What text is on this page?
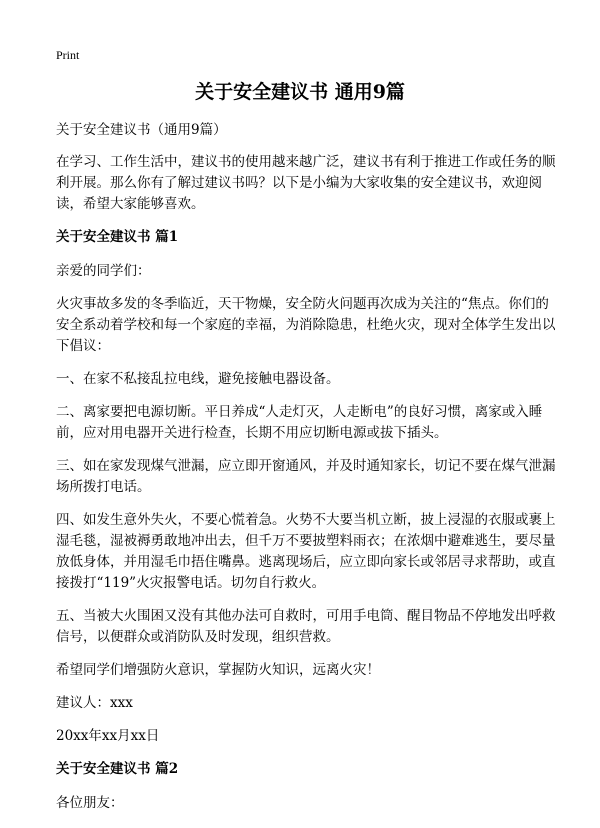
Print
关于安全建议书 通用9篇

关于安全建议书（通用9篇）

在学习、工作生活中，建议书的使用越来越广泛，建议书有利于推进工作或任务的顺利开展。那么你有了解过建议书吗？以下是小编为大家收集的安全建议书，欢迎阅读，希望大家能够喜欢。

关于安全建议书 篇1

亲爱的同学们：

火灾事故多发的冬季临近，天干物燥，安全防火问题再次成为关注的“焦点。你们的安全系动着学校和每一个家庭的幸福，为消除隐患，杜绝火灾，现对全体学生发出以下倡议：

一、在家不私接乱拉电线，避免接触电器设备。

二、离家要把电源切断。平日养成“人走灯灭，人走断电”的良好习惯，离家或入睡前，应对用电器开关进行检查，长期不用应切断电源或拔下插头。

三、如在家发现煤气泄漏，应立即开窗通风，并及时通知家长，切记不要在煤气泄漏场所拨打电话。

四、如发生意外失火，不要心慌着急。火势不大要当机立断，披上浸湿的衣服或裹上湿毛毯，湿被褥勇敢地冲出去，但千万不要披塑料雨衣；在浓烟中避难逃生，要尽量放低身体，并用湿毛巾捂住嘴鼻。逃离现场后，应立即向家长或邻居寻求帮助，或直接拨打“119”火灾报警电话。切勿自行救火。

五、当被大火围困又没有其他办法可自救时，可用手电筒、醒目物品不停地发出呼救信号，以便群众或消防队及时发现，组织营救。

希望同学们增强防火意识，掌握防火知识，远离火灾！

建议人：xxx

20xx年xx月xx日

关于安全建议书 篇2

各位朋友：
